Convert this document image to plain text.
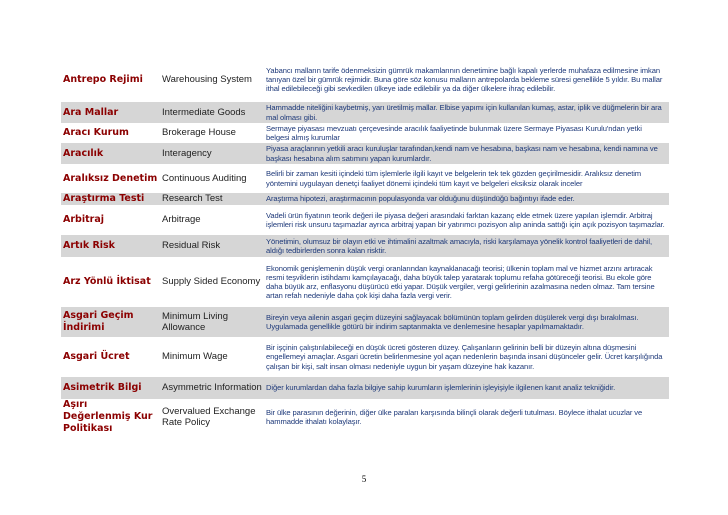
Antrepo Rejimi	Warehousing System	Yabancı malların tarife ödenmeksizin gümrük makamlarının denetimine bağlı kapalı yerlerde muhafaza edilmesine imkan tanıyan özel bir gümrük rejimidir. Buna göre söz konusu malların antrepolarda bekleme süresi genellikle 5 yıldır. Bu mallar ithal edilebileceği gibi sevkedilen ülkeye iade edilebilir ya da diğer ülkelere ihraç edilebilir.
Ara Mallar	Intermediate Goods	Hammadde niteliğini kaybetmiş, yarı üretilmiş mallar. Elbise yapımı için kullanılan kumaş, astar, iplik ve düğmelerin bir ara mal olması gibi.
Aracı Kurum	Brokerage House	Sermaye piyasası mevzuatı çerçevesinde aracılık faaliyetinde bulunmak üzere Sermaye Piyasası Kurulu'ndan yetki belgesi almış kurumlar
Aracılık	Interagency	Piyasa araçlarının yetkili aracı kuruluşlar tarafından,kendi nam ve hesabına, başkası nam ve hesabına, kendi namına ve başkası hesabına alım satımını yapan kurumlardır.
Aralıksız Denetim	Continuous Auditing	Belirli bir zaman kesiti içindeki tüm işlemlerle ilgili kayıt ve belgelerin tek tek gözden geçirilmesidir. Aralıksız denetim yöntemini uygulayan denetçi faaliyet dönemi içindeki tüm kayıt ve belgeleri eksiksiz olarak inceler
Araştırma Testi	Research Test	Araştırma hipotezi, araştırmacının populasyonda var olduğunu düşündüğü bağıntıyı ifade eder.
Arbitraj	Arbitrage	Vadeli ürün fiyatının teorik değeri ile piyasa değeri arasındaki farktan kazanç elde etmek üzere yapılan işlemdir. Arbitraj işlemleri risk unsuru taşımazlar ayrıca arbitraj yapan bir yatırımcı pozisyon alıp aninda sattığı için açık pozisyon taşımazlar.
Artık Risk	Residual Risk	Yönetimin, olumsuz bir olayın etki ve ihtimalini azaltmak amacıyla, riski karşılamaya yönelik kontrol faaliyetleri de dahil, aldığı tedbirlerden sonra kalan risktir.
Arz Yönlü İktisat	Supply Sided Economy	Ekonomik genişlemenin düşük vergi oranlarından kaynaklanacağı teorisi; ülkenin toplam mal ve hizmet arzını artıracak resmi teşviklerin istihdamı kamçılayacağı, daha büyük talep yaratarak toplumu refaha götüreceği teorisi. Bu ekole göre daha büyük arz, enflasyonu düşürücü etki yapar. Düşük vergiler, vergi gelirlerinin azalmasına neden olmaz. Tam tersine artan refah nedeniyle daha çok kişi daha fazla vergi verir.
Asgari Geçim İndirimi	Minimum Living Allowance	Bireyin veya ailenin asgari geçim düzeyini sağlayacak bölümünün toplam gelirden düşülerek vergi dışı bırakılması. Uygulamada genellikle götürü bir indirim saptanmakta ve denlemesine hesaplar yapılmamaktadır.
Asgari Ücret	Minimum Wage	Bir işçinin çalıştırılabileceği en düşük ücreti gösteren düzey. Çalışanların gelirinin belli bir düzeyin altına düşmesini engellemeyi amaçlar. Asgari ücretin belirlenmesine yol açan nedenlerin başında insani düşünceler gelir. Ücret karşılığında çalışan bir kişi, salt insan olması nedeniyle uygun bir yaşam düzeyine hak kazanır.
Asimetrik Bilgi	Asymmetric Information	Diğer kurumlardan daha fazla bilgiye sahip kurumların işlemlerinin işleyişiyle ilgilenen kanıt analiz tekniğidir.
Aşırı Değerlenmiş Kur Politikası	Overvalued Exchange Rate Policy	Bir ülke parasının değerinin, diğer ülke paraları karşısında bilinçli olarak değerli tutulması. Böylece ithalat ucuzlar ve hammadde ithalatı kolaylaşır.
5
